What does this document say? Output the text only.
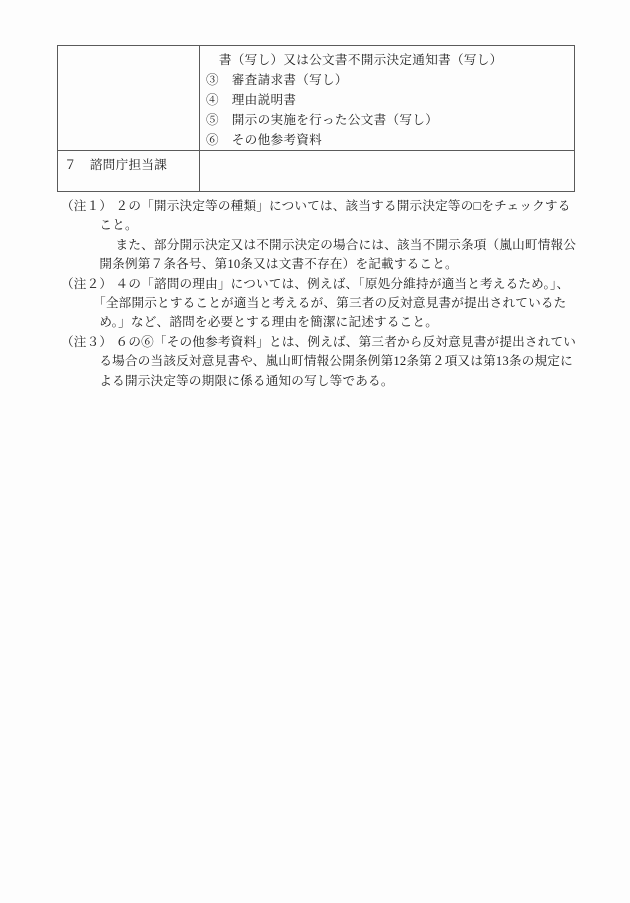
	　書（写し）又は公文書不開示決定通知書（写し）
③　審査請求書（写し）
④　理由説明書
⑤　開示の実施を行った公文書（写し）
⑥　その他参考資料

７　諮問庁担当課	

（注１） ２の「開示決定等の種類」については、該当する開示決定等の□をチェックする
　　　こと。
　　　　 また、部分開示決定又は不開示決定の場合には、該当不開示条項（嵐山町情報公
　　　開条例第７条各号、第10条又は文書不存在）を記載すること。
（注２） ４の「諮問の理由」については、例えば、「原処分維持が適当と考えるため。」、
　　　「全部開示とすることが適当と考えるが、第三者の反対意見書が提出されているた
　　　め。」など、諮問を必要とする理由を簡潔に記述すること。
（注３） ６の⑥「その他参考資料」とは、例えば、第三者から反対意見書が提出されてい
　　　る場合の当該反対意見書や、嵐山町情報公開条例第12条第２項又は第13条の規定に
　　　よる開示決定等の期限に係る通知の写し等である。
